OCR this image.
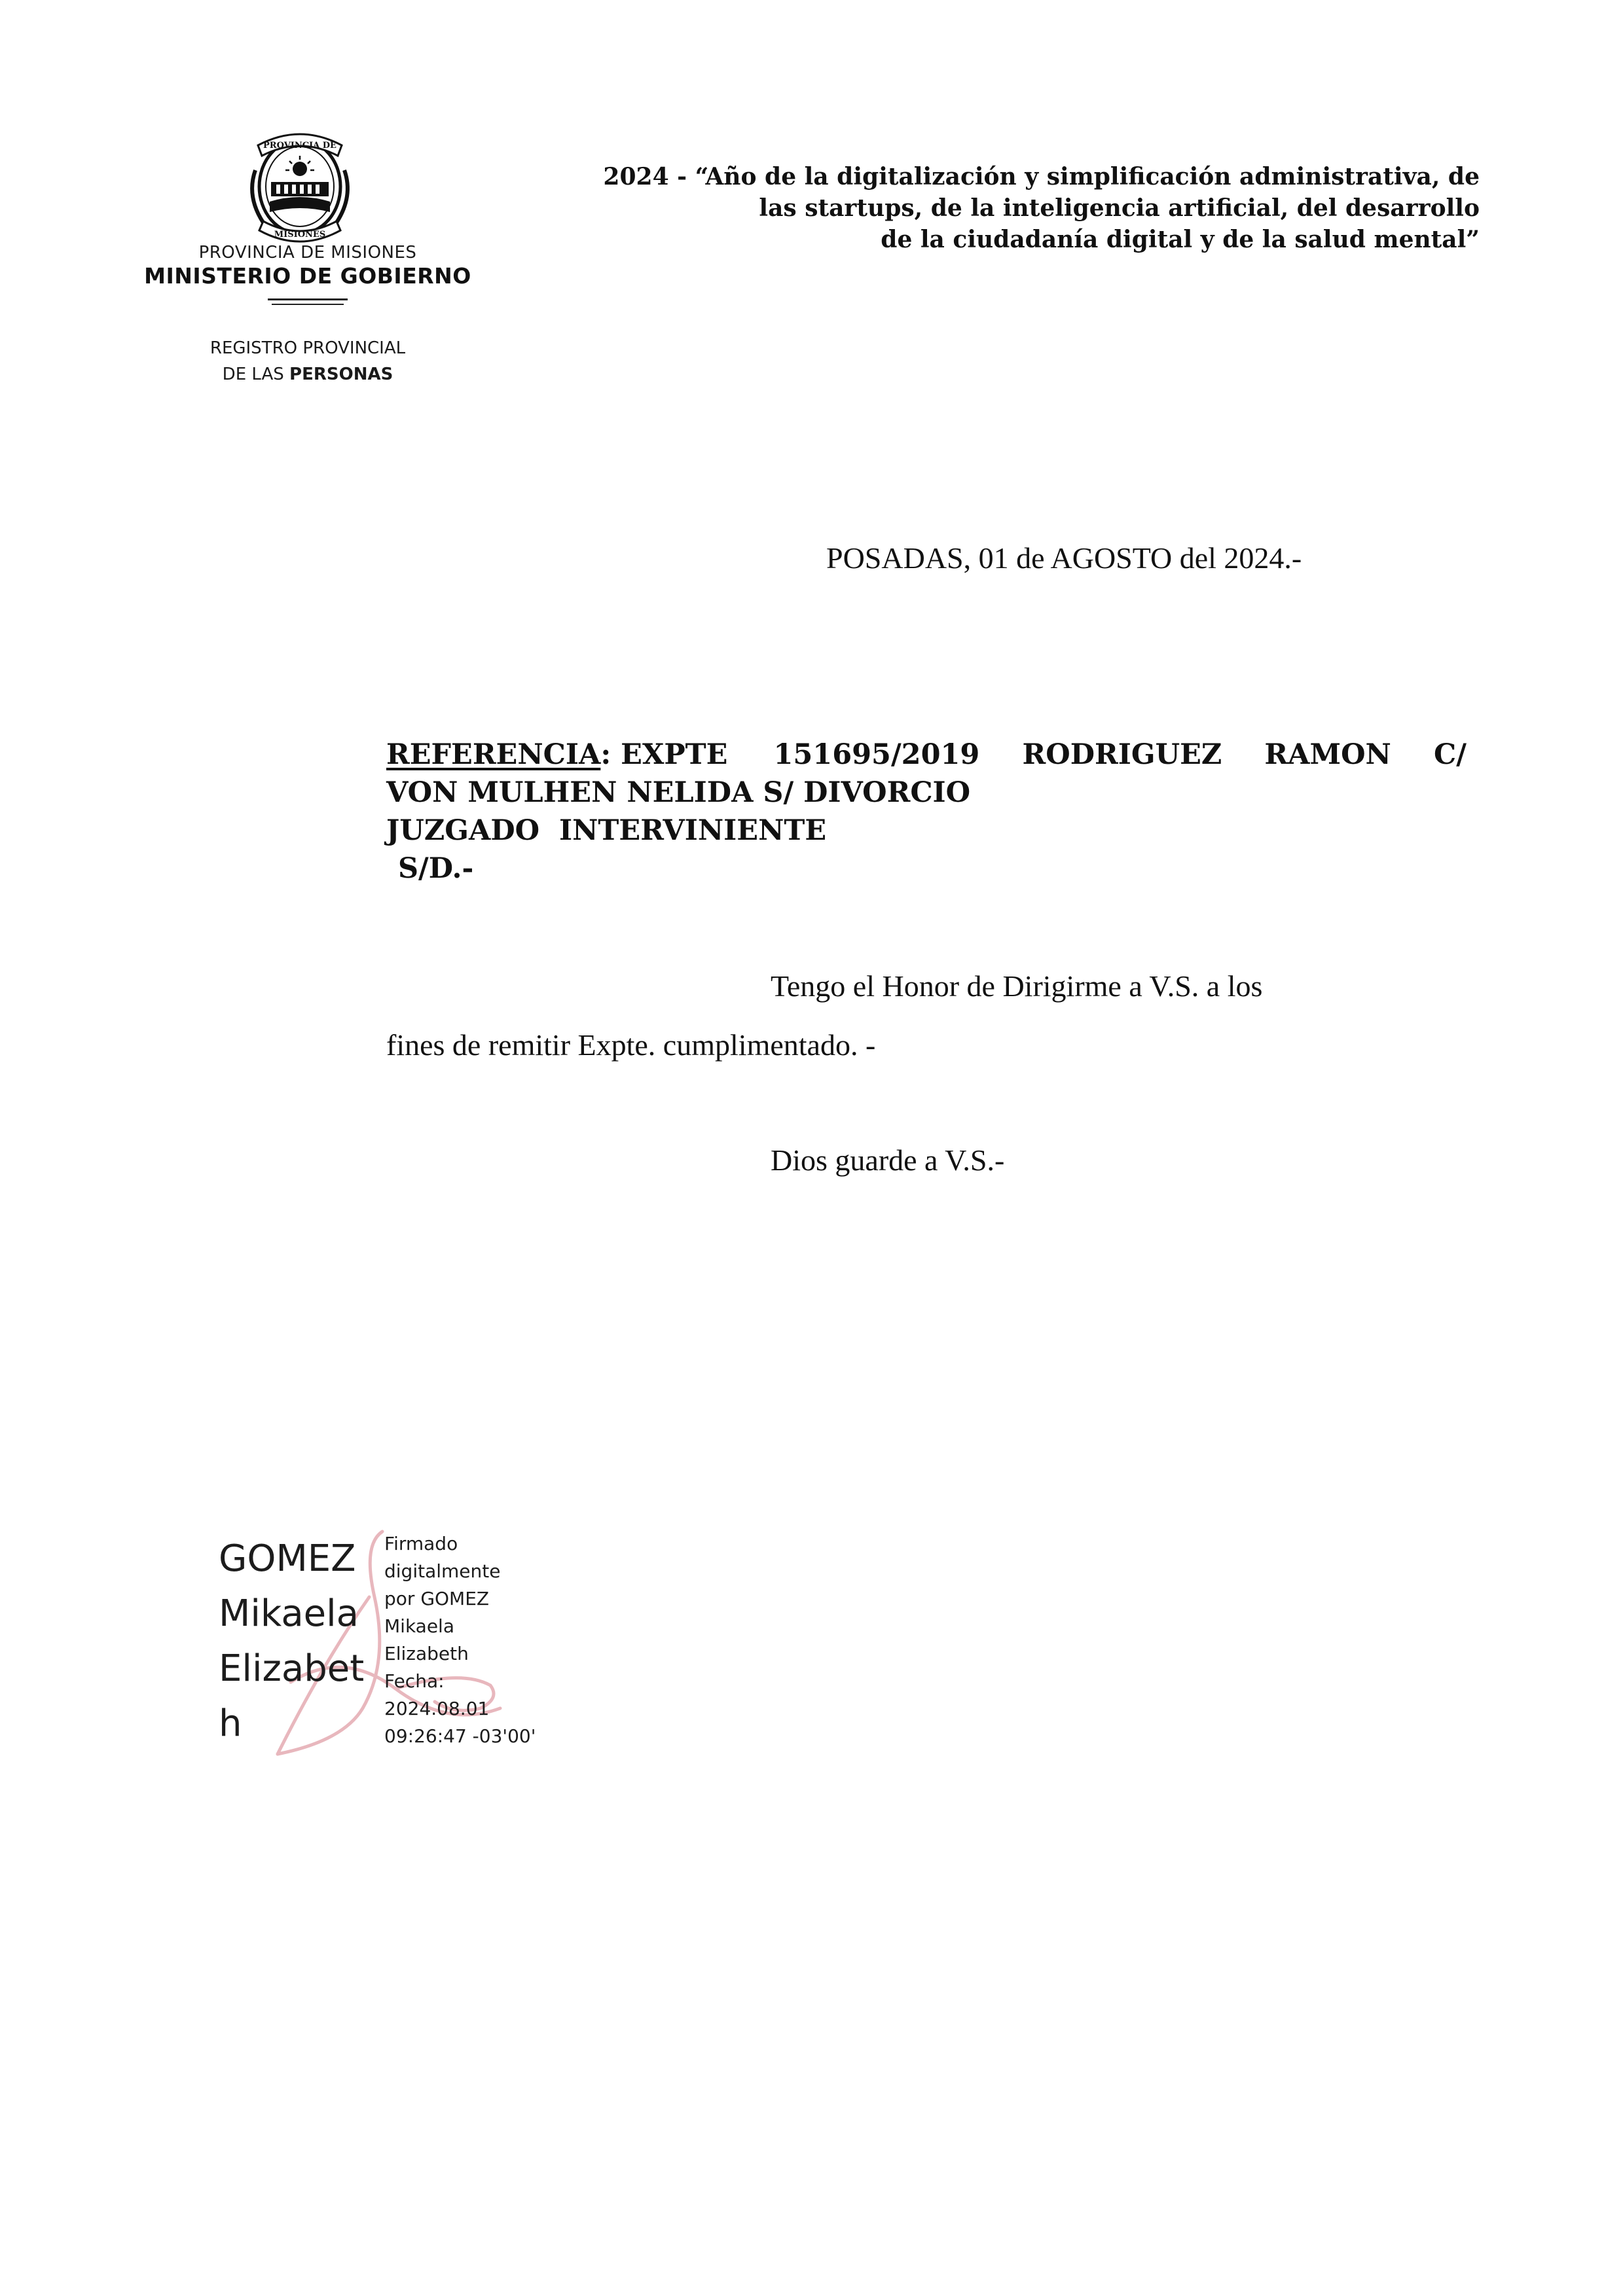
PROVINCIA DE
MISIONES
PROVINCIA DE MISIONES
MINISTERIO DE GOBIERNO
REGISTRO PROVINCIAL
DE LAS PERSONAS
2024 - “Año de la digitalización y simplificación administrativa, de
las startups, de la inteligencia artificial, del desarrollo
de la ciudadanía digital y de la salud mental”
POSADAS, 01 de AGOSTO del 2024.-
REFERENCIA: EXPTE 151695/2019 RODRIGUEZ RAMON C/
VON MULHEN NELIDA S/ DIVORCIO
JUZGADO  INTERVINIENTE
S/D.-
Tengo el Honor de Dirigirme a V.S. a los
fines de remitir Expte. cumplimentado. -
Dios guarde a V.S.-
GOMEZ
Mikaela
Elizabet
h
Firmado
digitalmente
por GOMEZ
Mikaela
Elizabeth
Fecha:
2024.08.01
09:26:47 -03'00'
